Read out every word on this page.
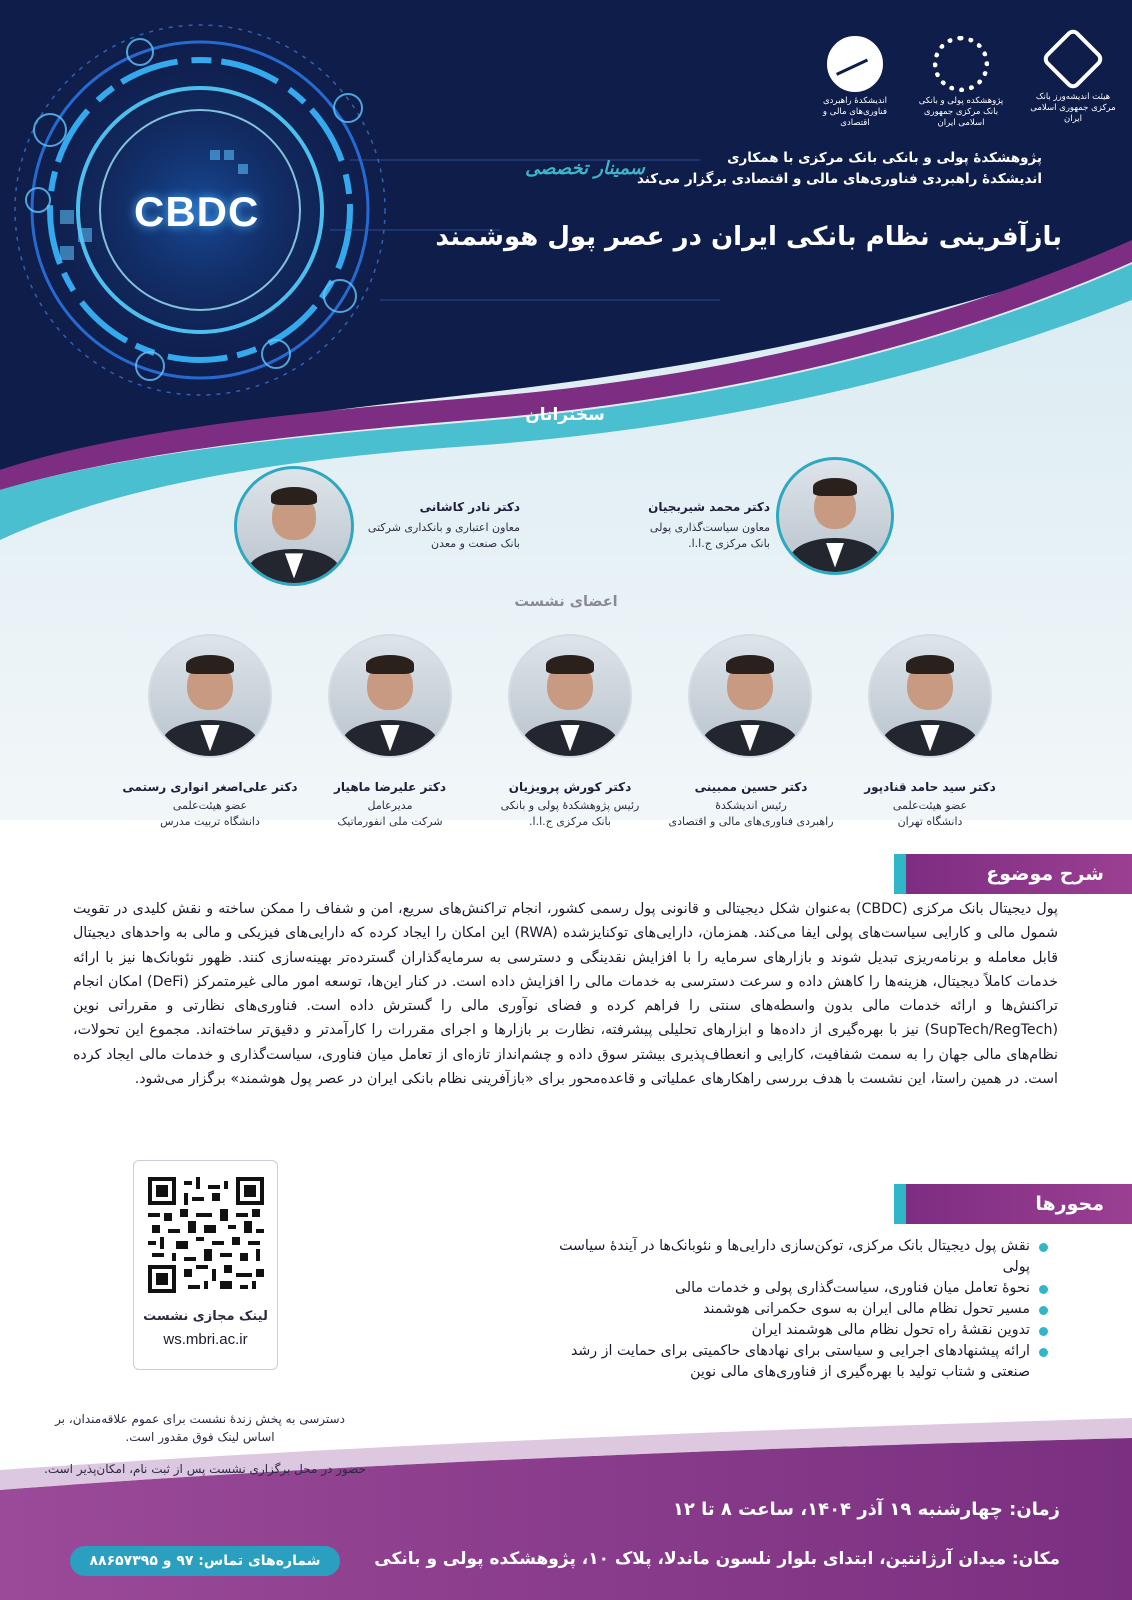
هیئت اندیشه‌ورز بانک مرکزی جمهوری اسلامی ایران
پژوهشکده پولی و بانکی
بانک مرکزی جمهوری اسلامی ایران
اندیشکدهٔ راهبردی فناوری‌های مالی و اقتصادی
CBDC
پژوهشکدهٔ پولی و بانکی بانک مرکزی با همکاری
اندیشکدهٔ راهبردی فناوری‌های مالی و اقتصادی برگزار می‌کند
سمینار تخصصی
بازآفرینی نظام بانکی ایران در عصر پول هوشمند
سخنرانان
دکتر محمد شیربجیان
معاون سیاست‌گذاری پولی
بانک مرکزی ج.ا.ا.
دکتر نادر کاشانی
معاون اعتباری و بانکداری شرکتی
بانک صنعت و معدن
اعضای نشست
دکتر سید حامد قنادپور
عضو هیئت‌علمی
دانشگاه تهران
دکتر حسین ممبینی
رئیس اندیشکدهٔ
راهبردی فناوری‌های مالی و اقتصادی
دکتر کورش پرویزیان
رئیس پژوهشکدهٔ پولی و بانکی
بانک مرکزی ج.ا.ا.
دکتر علیرضا ماهیار
مدیرعامل
شرکت ملی انفورماتیک
دکتر علی‌اصغر انواری رستمی
عضو هیئت‌علمی
دانشگاه تربیت مدرس
شرح موضوع
پول دیجیتال بانک مرکزی (CBDC) به‌عنوان شکل دیجیتالی و قانونی پول رسمی کشور، انجام تراکنش‌های سریع، امن و شفاف را ممکن ساخته و نقش کلیدی در تقویت شمول مالی و کارایی سیاست‌های پولی ایفا می‌کند. همزمان، دارایی‌های توکنایزشده (RWA) این امکان را ایجاد کرده که دارایی‌های فیزیکی و مالی به واحدهای دیجیتال قابل معامله و برنامه‌ریزی تبدیل شوند و بازارهای سرمایه را با افزایش نقدینگی و دسترسی به سرمایه‌گذاران گسترده‌تر بهینه‌سازی کنند. ظهور نئوبانک‌ها نیز با ارائه خدمات کاملاً دیجیتال، هزینه‌ها را کاهش داده و سرعت دسترسی به خدمات مالی را افزایش داده است. در کنار این‌ها، توسعه امور مالی غیرمتمرکز (DeFi) امکان انجام تراکنش‌ها و ارائه خدمات مالی بدون واسطه‌های سنتی را فراهم کرده و فضای نوآوری مالی را گسترش داده است. فناوری‌های نظارتی و مقرراتی نوین (SupTech/RegTech) نیز با بهره‌گیری از داده‌ها و ابزارهای تحلیلی پیشرفته، نظارت بر بازارها و اجرای مقررات را کارآمدتر و دقیق‌تر ساخته‌اند. مجموع این تحولات، نظام‌های مالی جهان را به سمت شفافیت، کارایی و انعطاف‌پذیری بیشتر سوق داده و چشم‌انداز تازه‌ای از تعامل میان فناوری، سیاست‌گذاری و خدمات مالی ایجاد کرده است. در همین راستا، این نشست با هدف بررسی راهکارهای عملیاتی و قاعده‌محور برای «بازآفرینی نظام بانکی ایران در عصر پول هوشمند» برگزار می‌شود.
محورها
نقش پول دیجیتال بانک مرکزی، توکن‌سازی دارایی‌ها و نئوبانک‌ها در آیندهٔ سیاست پولی
نحوهٔ تعامل میان فناوری، سیاست‌گذاری پولی و خدمات مالی
مسیر تحول نظام مالی ایران به سوی حکمرانی هوشمند
تدوین نقشهٔ راه تحول نظام مالی هوشمند ایران
ارائه پیشنهادهای اجرایی و سیاستی برای نهادهای حاکمیتی برای حمایت از رشد صنعتی و شتاب تولید با بهره‌گیری از فناوری‌های مالی نوین
لینک مجازی نشست
ws.mbri.ac.ir
دسترسی به پخش زندهٔ نشست برای عموم علاقه‌مندان، بر اساس لینک فوق مقدور است.
حضور در محل برگزاری نشست پس از ثبت نام، امکان‌پذیر است.
زمان: چهارشنبه ۱۹ آذر ۱۴۰۴، ساعت ۸ تا ۱۲
مکان: میدان آرژانتین، ابتدای بلوار نلسون ماندلا، پلاک ۱۰، پژوهشکده پولی و بانکی
شماره‌های تماس: ۹۷ و ۸۸۶۵۷۳۹۵
